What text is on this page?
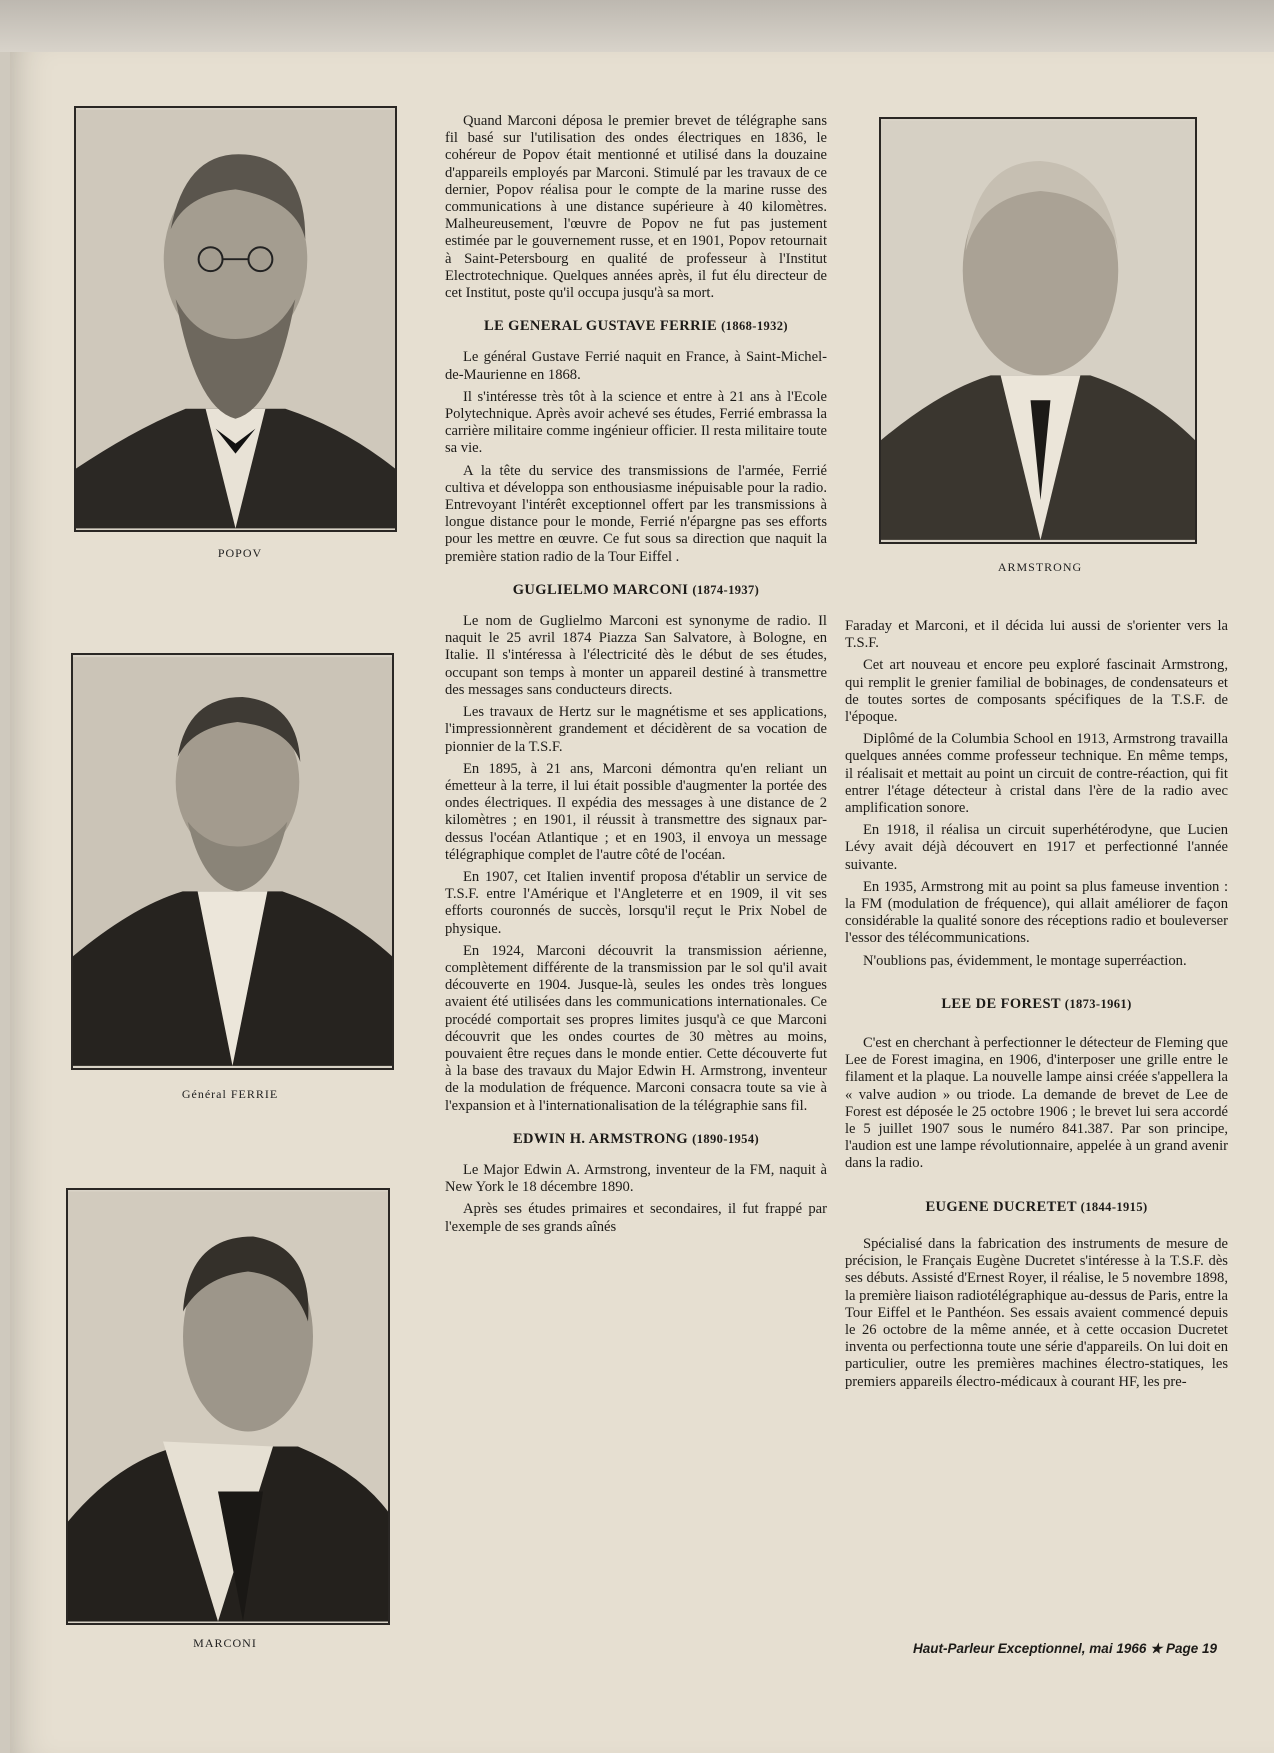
POPOV
Général FERRIE
MARCONI
ARMSTRONG

Quand Marconi déposa le premier brevet de télégraphe sans fil basé sur l'utilisation des ondes électriques en 1836, le cohéreur de Popov était mentionné et utilisé dans la douzaine d'appareils employés par Marconi. Stimulé par les travaux de ce dernier, Popov réalisa pour le compte de la marine russe des communications à une distance supérieure à 40 kilomètres. Malheureusement, l'œuvre de Popov ne fut pas justement estimée par le gouvernement russe, et en 1901, Popov retournait à Saint-Petersbourg en qualité de professeur à l'Institut Electrotechnique. Quelques années après, il fut élu directeur de cet Institut, poste qu'il occupa jusqu'à sa mort.

LE GENERAL GUSTAVE FERRIE (1868-1932)

Le général Gustave Ferrié naquit en France, à Saint-Michel-de-Maurienne en 1868.

Il s'intéresse très tôt à la science et entre à 21 ans à l'Ecole Polytechnique. Après avoir achevé ses études, Ferrié embrassa la carrière militaire comme ingénieur officier. Il resta militaire toute sa vie.

A la tête du service des transmissions de l'armée, Ferrié cultiva et développa son enthousiasme inépuisable pour la radio. Entrevoyant l'intérêt exceptionnel offert par les transmissions à longue distance pour le monde, Ferrié n'épargne pas ses efforts pour les mettre en œuvre. Ce fut sous sa direction que naquit la première station radio de la Tour Eiffel .

GUGLIELMO MARCONI (1874-1937)

Le nom de Guglielmo Marconi est synonyme de radio. Il naquit le 25 avril 1874 Piazza San Salvatore, à Bologne, en Italie. Il s'intéressa à l'électricité dès le début de ses études, occupant son temps à monter un appareil destiné à transmettre des messages sans conducteurs directs.

Les travaux de Hertz sur le magnétisme et ses applications, l'impressionnèrent grandement et décidèrent de sa vocation de pionnier de la T.S.F.

En 1895, à 21 ans, Marconi démontra qu'en reliant un émetteur à la terre, il lui était possible d'augmenter la portée des ondes électriques. Il expédia des messages à une distance de 2 kilomètres ; en 1901, il réussit à transmettre des signaux par-dessus l'océan Atlantique ; et en 1903, il envoya un message télégraphique complet de l'autre côté de l'océan.

En 1907, cet Italien inventif proposa d'établir un service de T.S.F. entre l'Amérique et l'Angleterre et en 1909, il vit ses efforts couronnés de succès, lorsqu'il reçut le Prix Nobel de physique.

En 1924, Marconi découvrit la transmission aérienne, complètement différente de la transmission par le sol qu'il avait découverte en 1904. Jusque-là, seules les ondes très longues avaient été utilisées dans les communications internationales. Ce procédé comportait ses propres limites jusqu'à ce que Marconi découvrit que les ondes courtes de 30 mètres au moins, pouvaient être reçues dans le monde entier. Cette découverte fut à la base des travaux du Major Edwin H. Armstrong, inventeur de la modulation de fréquence. Marconi consacra toute sa vie à l'expansion et à l'internationalisation de la télégraphie sans fil.

EDWIN H. ARMSTRONG (1890-1954)

Le Major Edwin A. Armstrong, inventeur de la FM, naquit à New York le 18 décembre 1890.

Après ses études primaires et secondaires, il fut frappé par l'exemple de ses grands aînés

Faraday et Marconi, et il décida lui aussi de s'orienter vers la T.S.F.

Cet art nouveau et encore peu exploré fascinait Armstrong, qui remplit le grenier familial de bobinages, de condensateurs et de toutes sortes de composants spécifiques de la T.S.F. de l'époque.

Diplômé de la Columbia School en 1913, Armstrong travailla quelques années comme professeur technique. En même temps, il réalisait et mettait au point un circuit de contre-réaction, qui fit entrer l'étage détecteur à cristal dans l'ère de la radio avec amplification sonore.

En 1918, il réalisa un circuit superhétérodyne, que Lucien Lévy avait déjà découvert en 1917 et perfectionné l'année suivante.

En 1935, Armstrong mit au point sa plus fameuse invention : la FM (modulation de fréquence), qui allait améliorer de façon considérable la qualité sonore des réceptions radio et bouleverser l'essor des télécommunications.

N'oublions pas, évidemment, le montage superréaction.

LEE DE FOREST (1873-1961)

C'est en cherchant à perfectionner le détecteur de Fleming que Lee de Forest imagina, en 1906, d'interposer une grille entre le filament et la plaque. La nouvelle lampe ainsi créée s'appellera la « valve audion » ou triode. La demande de brevet de Lee de Forest est déposée le 25 octobre 1906 ; le brevet lui sera accordé le 5 juillet 1907 sous le numéro 841.387. Par son principe, l'audion est une lampe révolutionnaire, appelée à un grand avenir dans la radio.

EUGENE DUCRETET (1844-1915)

Spécialisé dans la fabrication des instruments de mesure de précision, le Français Eugène Ducretet s'intéresse à la T.S.F. dès ses débuts. Assisté d'Ernest Royer, il réalise, le 5 novembre 1898, la première liaison radiotélégraphique au-dessus de Paris, entre la Tour Eiffel et le Panthéon. Ses essais avaient commencé depuis le 26 octobre de la même année, et à cette occasion Ducretet inventa ou perfectionna toute une série d'appareils. On lui doit en particulier, outre les premières machines électro-statiques, les premiers appareils électro-médicaux à courant HF, les pre-

Haut-Parleur Exceptionnel, mai 1966 ★ Page 19
